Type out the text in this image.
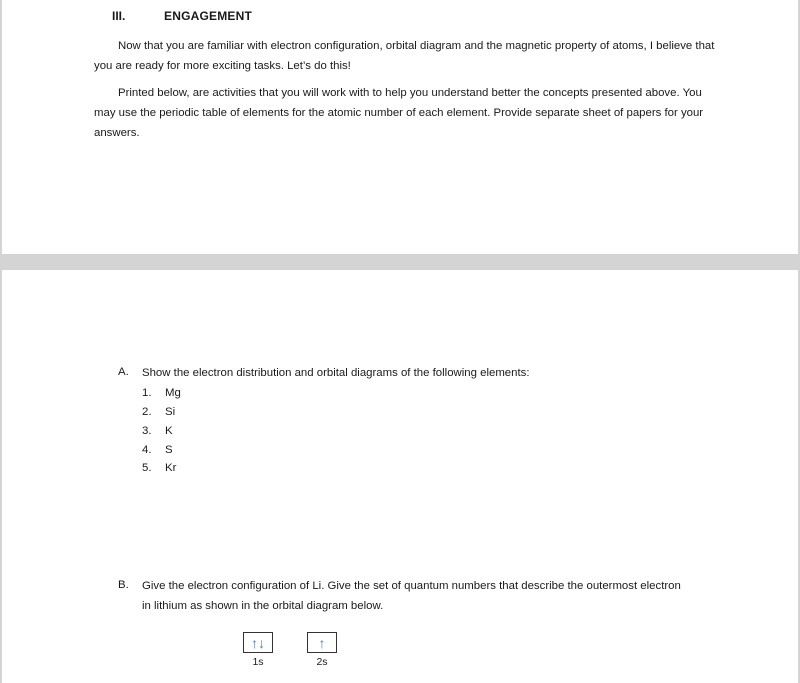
III.	ENGAGEMENT

Now that you are familiar with electron configuration, orbital diagram and the magnetic property of atoms, I believe that you are ready for more exciting tasks. Let’s do this!

Printed below, are activities that you will work with to help you understand better the concepts presented above. You may use the periodic table of elements for the atomic number of each element. Provide separate sheet of papers for your answers.

A. Show the electron distribution and orbital diagrams of the following elements:
1. Mg
2. Si
3. K
4. S
5. Kr
B. Give the electron configuration of Li. Give the set of quantum numbers that describe the outermost electron in lithium as shown in the orbital diagram below.
↑↓
1s
↑
2s
